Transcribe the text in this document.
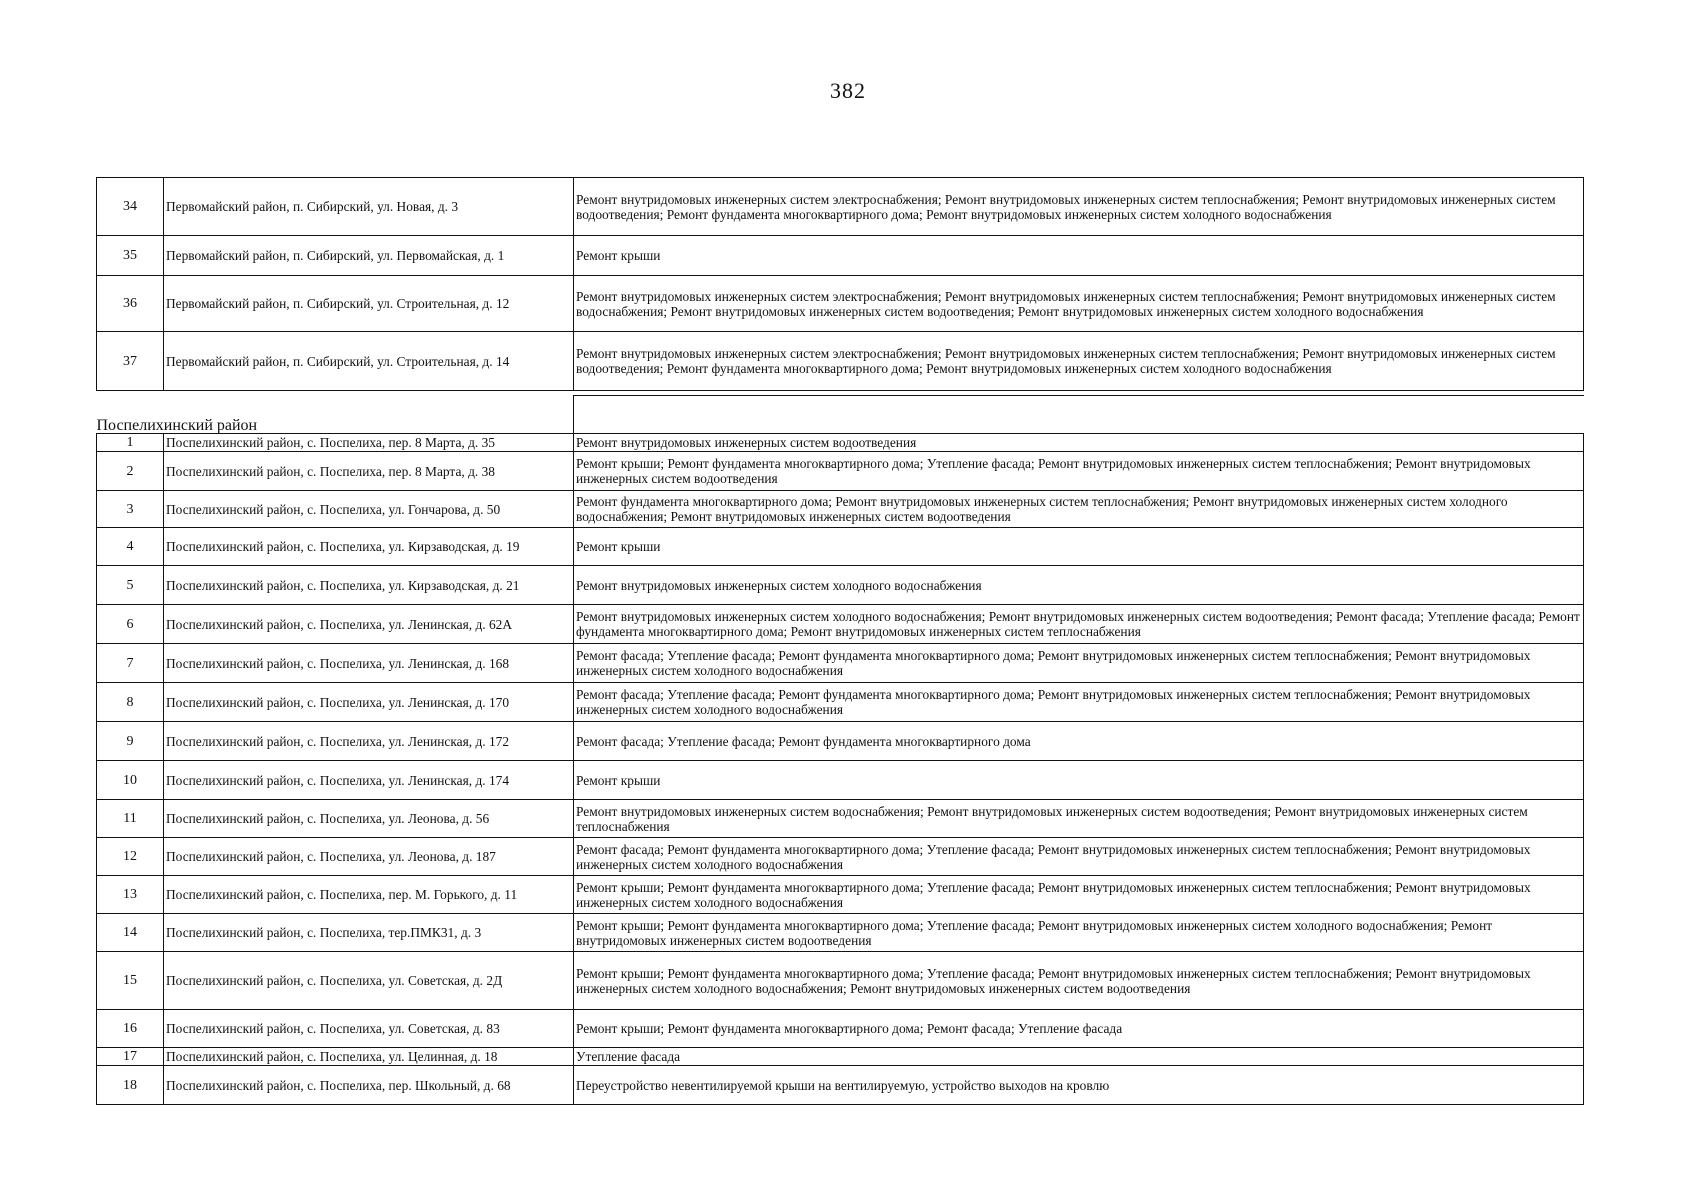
382
34	Первомайский район, п. Сибирский, ул. Новая, д. 3	Ремонт внутридомовых инженерных систем электроснабжения; Ремонт внутридомовых инженерных систем теплоснабжения; Ремонт внутридомовых инженерных систем водоотведения; Ремонт фундамента многоквартирного дома; Ремонт внутридомовых инженерных систем холодного водоснабжения
35	Первомайский район, п. Сибирский, ул. Первомайская, д. 1	Ремонт крыши
36	Первомайский район, п. Сибирский, ул. Строительная, д. 12	Ремонт внутридомовых инженерных систем электроснабжения; Ремонт внутридомовых инженерных систем теплоснабжения; Ремонт внутридомовых инженерных систем водоснабжения; Ремонт внутридомовых инженерных систем водоотведения; Ремонт внутридомовых инженерных систем холодного водоснабжения
37	Первомайский район, п. Сибирский, ул. Строительная, д. 14	Ремонт внутридомовых инженерных систем электроснабжения; Ремонт внутридомовых инженерных систем теплоснабжения; Ремонт внутридомовых инженерных систем водоотведения; Ремонт фундамента многоквартирного дома; Ремонт внутридомовых инженерных систем холодного водоснабжения
Поспелихинский район		
1	Поспелихинский район, с. Поспелиха, пер. 8 Марта, д. 35	Ремонт внутридомовых инженерных систем водоотведения
2	Поспелихинский район, с. Поспелиха, пер. 8 Марта, д. 38	Ремонт крыши; Ремонт фундамента многоквартирного дома; Утепление фасада; Ремонт внутридомовых инженерных систем теплоснабжения; Ремонт внутридомовых инженерных систем водоотведения
3	Поспелихинский район, с. Поспелиха, ул. Гончарова, д. 50	Ремонт фундамента многоквартирного дома; Ремонт внутридомовых инженерных систем теплоснабжения; Ремонт внутридомовых инженерных систем холодного водоснабжения; Ремонт внутридомовых инженерных систем водоотведения
4	Поспелихинский район, с. Поспелиха, ул. Кирзаводская, д. 19	Ремонт крыши
5	Поспелихинский район, с. Поспелиха, ул. Кирзаводская, д. 21	Ремонт внутридомовых инженерных систем холодного водоснабжения
6	Поспелихинский район, с. Поспелиха, ул. Ленинская, д. 62А	Ремонт внутридомовых инженерных систем холодного водоснабжения; Ремонт внутридомовых инженерных систем водоотведения; Ремонт фасада; Утепление фасада; Ремонт фундамента многоквартирного дома; Ремонт внутридомовых инженерных систем теплоснабжения
7	Поспелихинский район, с. Поспелиха, ул. Ленинская, д. 168	Ремонт фасада; Утепление фасада; Ремонт фундамента многоквартирного дома; Ремонт внутридомовых инженерных систем теплоснабжения; Ремонт внутридомовых инженерных систем холодного водоснабжения
8	Поспелихинский район, с. Поспелиха, ул. Ленинская, д. 170	Ремонт фасада; Утепление фасада; Ремонт фундамента многоквартирного дома; Ремонт внутридомовых инженерных систем теплоснабжения; Ремонт внутридомовых инженерных систем холодного водоснабжения
9	Поспелихинский район, с. Поспелиха, ул. Ленинская, д. 172	Ремонт фасада; Утепление фасада; Ремонт фундамента многоквартирного дома
10	Поспелихинский район, с. Поспелиха, ул. Ленинская, д. 174	Ремонт крыши
11	Поспелихинский район, с. Поспелиха, ул. Леонова, д. 56	Ремонт внутридомовых инженерных систем водоснабжения; Ремонт внутридомовых инженерных систем водоотведения; Ремонт внутридомовых инженерных систем теплоснабжения
12	Поспелихинский район, с. Поспелиха, ул. Леонова, д. 187	Ремонт фасада; Ремонт фундамента многоквартирного дома; Утепление фасада; Ремонт внутридомовых инженерных систем теплоснабжения; Ремонт внутридомовых инженерных систем холодного водоснабжения
13	Поспелихинский район, с. Поспелиха, пер. М. Горького, д. 11	Ремонт крыши; Ремонт фундамента многоквартирного дома; Утепление фасада; Ремонт внутридомовых инженерных систем теплоснабжения; Ремонт внутридомовых инженерных систем холодного водоснабжения
14	Поспелихинский район, с. Поспелиха, тер.ПМК31, д. 3	Ремонт крыши; Ремонт фундамента многоквартирного дома; Утепление фасада; Ремонт внутридомовых инженерных систем холодного водоснабжения; Ремонт внутридомовых инженерных систем водоотведения
15	Поспелихинский район, с. Поспелиха, ул. Советская, д. 2Д	Ремонт крыши; Ремонт фундамента многоквартирного дома; Утепление фасада; Ремонт внутридомовых инженерных систем теплоснабжения; Ремонт внутридомовых инженерных систем холодного водоснабжения; Ремонт внутридомовых инженерных систем водоотведения
16	Поспелихинский район, с. Поспелиха, ул. Советская, д. 83	Ремонт крыши; Ремонт фундамента многоквартирного дома; Ремонт фасада; Утепление фасада
17	Поспелихинский район, с. Поспелиха, ул. Целинная, д. 18	Утепление фасада
18	Поспелихинский район, с. Поспелиха, пер. Школьный, д. 68	Переустройство невентилируемой крыши на вентилируемую, устройство выходов на кровлю
